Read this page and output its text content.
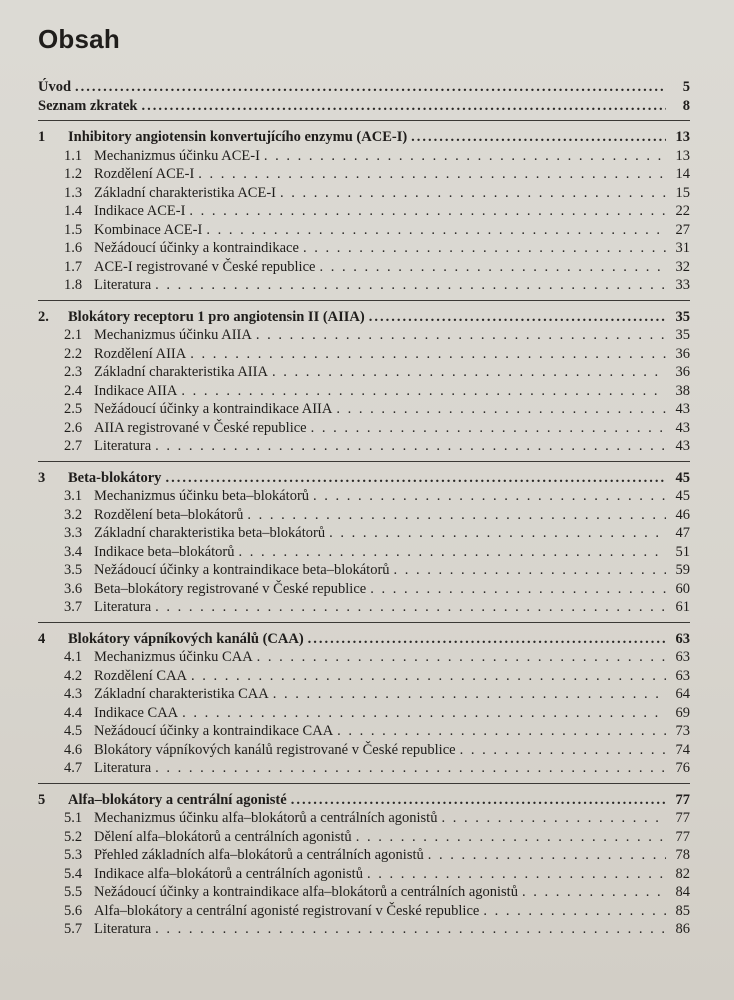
Obsah
Úvod .....	5
Seznam zkratek .....	8
1	Inhibitory angiotensin konvertujícího enzymu (ACE-I) .....	13
1.1 Mechanizmus účinku ACE-I . . .	13
1.2 Rozdělení ACE-I . . .	14
1.3 Základní charakteristika ACE-I . . .	15
1.4 Indikace ACE-I . . .	22
1.5 Kombinace ACE-I . . .	27
1.6 Nežádoucí účinky a kontraindikace . . .	31
1.7 ACE-I registrované v České republice . . .	32
1.8 Literatura . . .	33
2.	Blokátory receptoru 1 pro angiotensin II (AIIA) .....	35
2.1 Mechanizmus účinku AIIA . . .	35
2.2 Rozdělení AIIA . . .	36
2.3 Základní charakteristika AIIA . . .	36
2.4 Indikace AIIA . . .	38
2.5 Nežádoucí účinky a kontraindikace AIIA . . .	43
2.6 AIIA registrované v České republice . . .	43
2.7 Literatura . . .	43
3	Beta-blokátory .....	45
3.1 Mechanizmus účinku beta–blokátorů . . .	45
3.2 Rozdělení beta–blokátorů . . .	46
3.3 Základní charakteristika beta–blokátorů . . .	47
3.4 Indikace beta–blokátorů . . .	51
3.5 Nežádoucí účinky a kontraindikace beta–blokátorů . . .	59
3.6 Beta–blokátory registrované v České republice . . .	60
3.7 Literatura . . .	61
4	Blokátory vápníkových kanálů (CAA) .....	63
4.1 Mechanizmus účinku CAA . . .	63
4.2 Rozdělení CAA . . .	63
4.3 Základní charakteristika CAA . . .	64
4.4 Indikace CAA . . .	69
4.5 Nežádoucí účinky a kontraindikace CAA . . .	73
4.6 Blokátory vápníkových kanálů registrované v České republice . . .	74
4.7 Literatura . . .	76
5	Alfa–blokátory a centrální agonisté .....	77
5.1 Mechanizmus účinku alfa–blokátorů a centrálních agonistů . . .	77
5.2 Dělení alfa–blokátorů a centrálních agonistů . . .	77
5.3 Přehled základních alfa–blokátorů a centrálních agonistů . . .	78
5.4 Indikace alfa–blokátorů a centrálních agonistů . . .	82
5.5 Nežádoucí účinky a kontraindikace alfa–blokátorů a centrálních agonistů . . .	84
5.6 Alfa–blokátory a centrální agonisté registrovaní v České republice . . .	85
5.7 Literatura . . .	86
